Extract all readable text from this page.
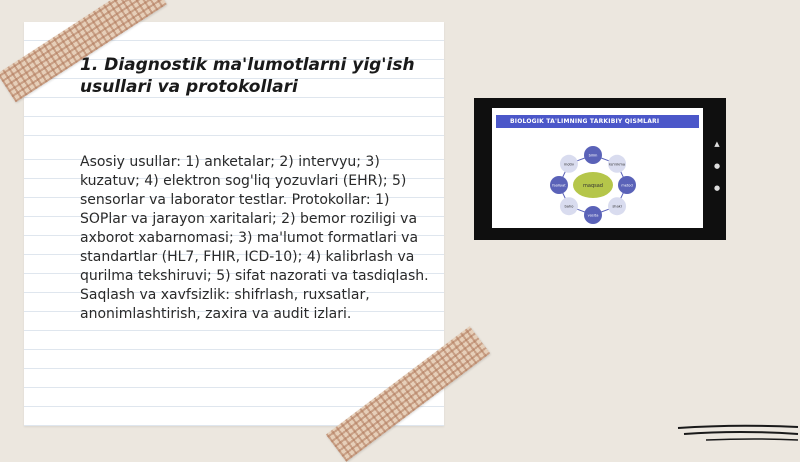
1. Diagnostik ma'lumotlarni yig'ish usullari va protokollari

Asosiy usullar: 1) anketalar; 2) intervyu; 3) kuzatuv; 4) elektron sog'liq yozuvlari (EHR); 5) sensorlar va laborator testlar. Protokollar: 1) SOPlar va jarayon xaritalari; 2) bemor roziligi va axborot xabarnomasi; 3) ma'lumot formatlari va standartlar (HL7, FHIR, ICD-10); 4) kalibrlash va qurilma tekshiruvi; 5) sifat nazorati va tasdiqlash. Saqlash va xavfsizlik: shifrlash, ruxsatlar, anonimlashtirish, zaxira va audit izlari.

BIOLOGIK TA'LIMNING TARKIBIY QISMLARI
bilim
ko'nikma
metod
shakl
vosita
baho
faoliyat
motiv
maqsad
▲
●
●
